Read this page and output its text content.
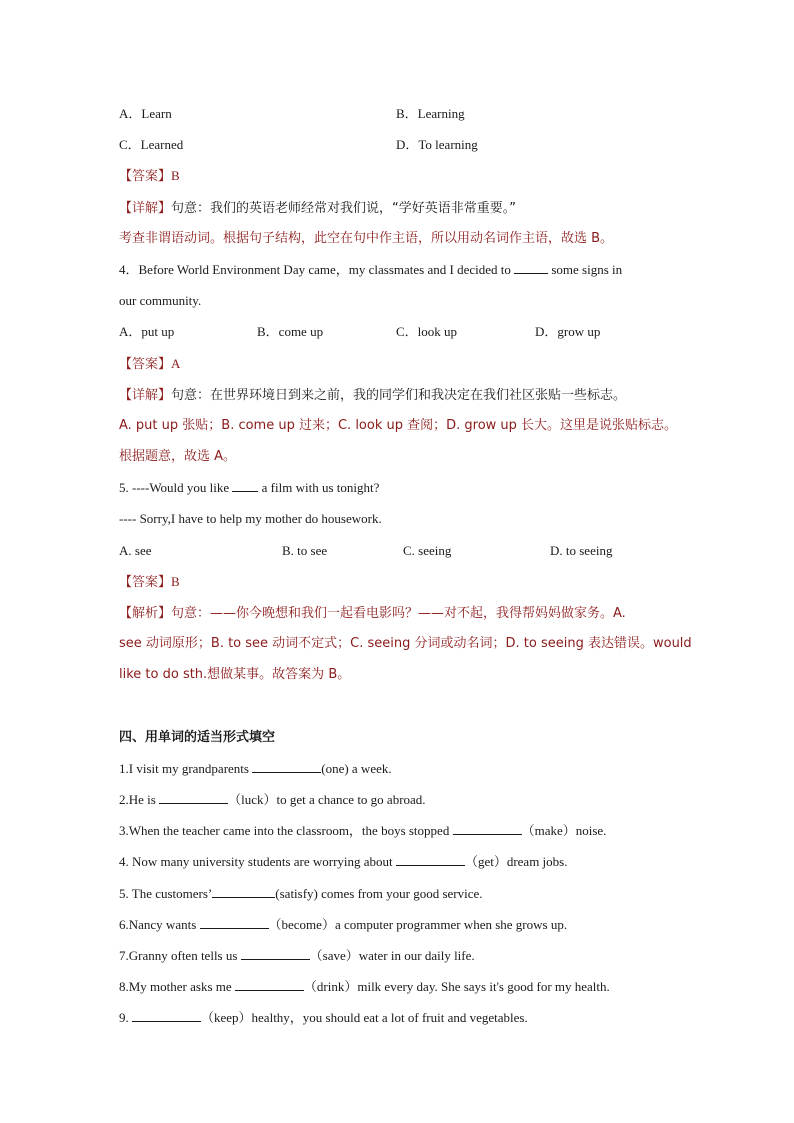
A．Learn	B．Learning
C．Learned	D．To learning
【答案】B
【详解】句意：我们的英语老师经常对我们说，“学好英语非常重要。”
考查非谓语动词。根据句子结构，此空在句中作主语，所以用动名词作主语，故选 B。
4．Before World Environment Day came，my classmates and I decided to	some signs in
our community.
A．put up	B．come up	C．look up	D．grow up
【答案】A
【详解】句意：在世界环境日到来之前，我的同学们和我决定在我们社区张贴一些标志。
A. put up 张贴；B. come up 过来；C. look up 查阅；D. grow up 长大。这里是说张贴标志。
根据题意，故选 A。
5. ----Would you like	a film with us tonight?
---- Sorry,I have to help my mother do housework.
A. see	B. to see	C. seeing	D. to seeing
【答案】B
【解析】句意：——你今晚想和我们一起看电影吗？——对不起，我得帮妈妈做家务。A.
see 动词原形；B. to see 动词不定式；C. seeing 分词或动名词；D. to seeing 表达错误。would
like to do sth.想做某事。故答案为 B。
四、用单词的适当形式填空
1.I visit my grandparents	(one) a week.
2.He is	（luck）to get a chance to go abroad.
3.When the teacher came into the classroom，the boys stopped	（make）noise.
4. Now many university students are worrying about	（get）dream jobs.
5. The customers’	(satisfy) comes from your good service.
6.Nancy wants	（become）a computer programmer when she grows up.
7.Granny often tells us	（save）water in our daily life.
8.My mother asks me	（drink）milk every day. She says it's good for my health.
9.	（keep）healthy，you should eat a lot of fruit and vegetables.
